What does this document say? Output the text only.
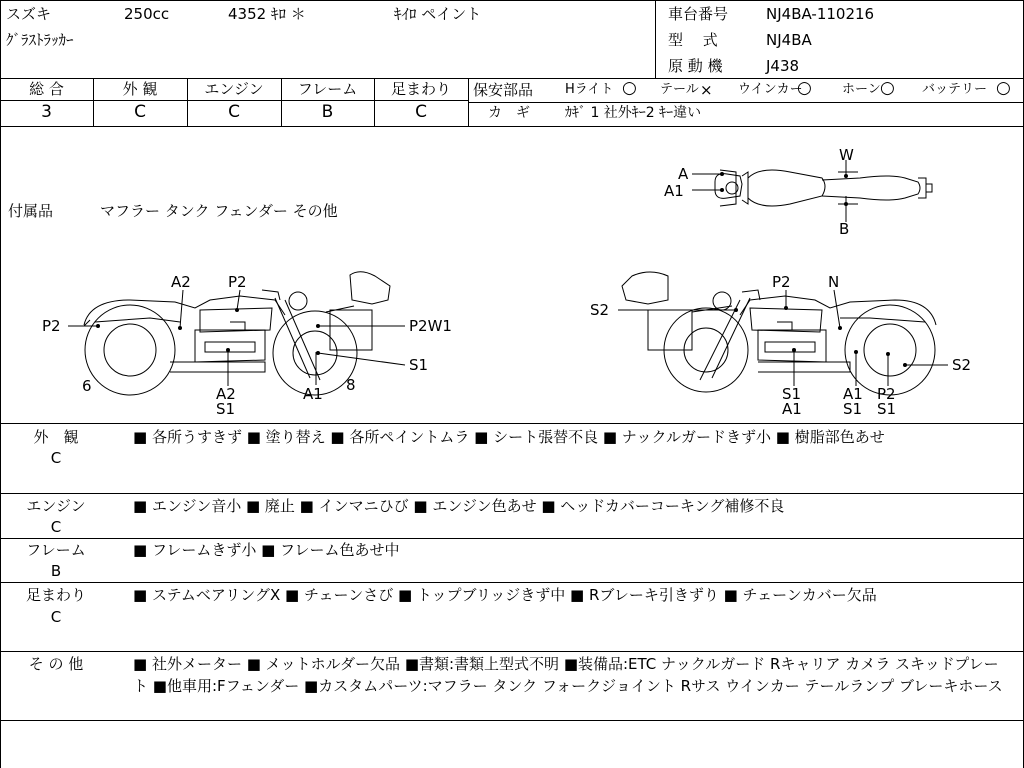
スズキ	250cc	4352 ｷﾛ ＊	ｷｲﾛ ペイント
ｸﾞﾗｽﾄﾗｯｶｰ
車台番号	NJ4BA-110216
型　 式	NJ4BA
原 動 機	J438
総 合	外 観	エンジン	フレーム	足まわり
3	C	C	B	C
保安部品 Hライト ○ テール × ウインカー
○ ホーン ○ バッテリー ○
カ　ギ	ｶｷﾞ 1 社外ｷｰ2 ｷｰ違い
付属品	マフラー タンク フェンダー その他
A
A1
W
B
A2 P2
P2	P2W1
S1
8
A1
A2
S1
6
S2
P2 N
S2
S1
A1
A1
S1
P2
S1
外　観
C
■ 各所うすきず ■ 塗り替え ■ 各所ペイントムラ ■ シート張替不良 ■ ナックルガードきず小 ■ 樹脂部色あせ
エンジン
C
■ エンジン音小 ■ 廃止 ■ インマニひび ■ エンジン色あせ ■ ヘッドカバーコーキング補修不良
フレーム
B
■ フレームきず小 ■ フレーム色あせ中
足まわり
C
■ ステムベアリングX ■ チェーンさび ■ トップブリッジきず中 ■ Rブレーキ引きずり ■ チェーンカバー欠品
そ の 他	■ 社外メーター ■ メットホルダー欠品 ■書類:書類上型式不明 ■装備品:ETC ナックルガード Rキャリア カメラ スキッドプレート ■他車用:Fフェンダー ■カスタムパーツ:マフラー タンク フォークジョイント Rサス ウインカー テールランプ ブレーキホース
